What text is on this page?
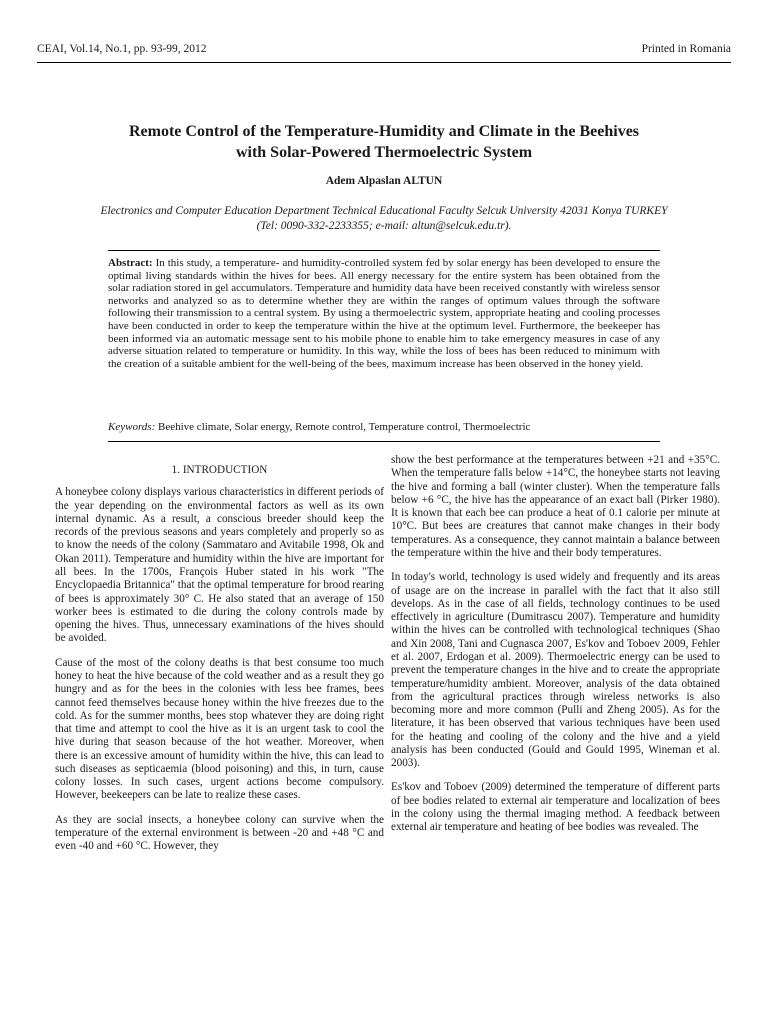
CEAI, Vol.14, No.1, pp. 93-99, 2012	Printed in Romania
Remote Control of the Temperature-Humidity and Climate in the Beehives
with Solar-Powered Thermoelectric System
Adem Alpaslan ALTUN
Electronics and Computer Education Department Technical Educational Faculty Selcuk University 42031 Konya TURKEY
(Tel: 0090-332-2233355; e-mail: altun@selcuk.edu.tr).
Abstract: In this study, a temperature- and humidity-controlled system fed by solar energy has been developed to ensure the optimal living standards within the hives for bees. All energy necessary for the entire system has been obtained from the solar radiation stored in gel accumulators. Temperature and humidity data have been received constantly with wireless sensor networks and analyzed so as to determine whether they are within the ranges of optimum values through the software following their transmission to a central system. By using a thermoelectric system, appropriate heating and cooling processes have been conducted in order to keep the temperature within the hive at the optimum level. Furthermore, the beekeeper has been informed via an automatic message sent to his mobile phone to enable him to take emergency measures in case of any adverse situation related to temperature or humidity. In this way, while the loss of bees has been reduced to minimum with the creation of a suitable ambient for the well-being of the bees, maximum increase has been observed in the honey yield.
Keywords: Beehive climate, Solar energy, Remote control, Temperature control, Thermoelectric
1. INTRODUCTION

A honeybee colony displays various characteristics in different periods of the year depending on the environmental factors as well as its own internal dynamic. As a result, a conscious breeder should keep the records of the previous seasons and years completely and properly so as to know the needs of the colony (Sammataro and Avitabile 1998, Ok and Okan 2011). Temperature and humidity within the hive are important for all bees. In the 1700s, François Huber stated in his work "The Encyclopaedia Britannica" that the optimal temperature for brood rearing of bees is approximately 30° C. He also stated that an average of 150 worker bees is estimated to die during the colony controls made by opening the hives. Thus, unnecessary examinations of the hives should be avoided.

Cause of the most of the colony deaths is that best consume too much honey to heat the hive because of the cold weather and as a result they go hungry and as for the bees in the colonies with less bee frames, bees cannot feed themselves because honey within the hive freezes due to the cold. As for the summer months, bees stop whatever they are doing right that time and attempt to cool the hive as it is an urgent task to cool the hive during that season because of the hot weather. Moreover, when there is an excessive amount of humidity within the hive, this can lead to such diseases as septicaemia (blood poisoning) and this, in turn, cause colony losses. In such cases, urgent actions become compulsory. However, beekeepers can be late to realize these cases.

As they are social insects, a honeybee colony can survive when the temperature of the external environment is between -20 and +48 °C and even -40 and +60 °C. However, they

show the best performance at the temperatures between +21 and +35°C. When the temperature falls below +14°C, the honeybee starts not leaving the hive and forming a ball (winter cluster). When the temperature falls below +6 °C, the hive has the appearance of an exact ball (Pirker 1980). It is known that each bee can produce a heat of 0.1 calorie per minute at 10°C. But bees are creatures that cannot make changes in their body temperatures. As a consequence, they cannot maintain a balance between the temperature within the hive and their body temperatures.

In today's world, technology is used widely and frequently and its areas of usage are on the increase in parallel with the fact that it also still develops. As in the case of all fields, technology continues to be used effectively in agriculture (Dumitrascu 2007). Temperature and humidity within the hives can be controlled with technological techniques (Shao and Xin 2008, Tani and Cugnasca 2007, Es'kov and Toboev 2009, Fehler et al. 2007, Erdogan et al. 2009). Thermoelectric energy can be used to prevent the temperature changes in the hive and to create the appropriate temperature/humidity ambient. Moreover, analysis of the data obtained from the agricultural practices through wireless networks is also becoming more and more common (Pulli and Zheng 2005). As for the literature, it has been observed that various techniques have been used for the heating and cooling of the colony and the hive and a yield analysis has been conducted (Gould and Gould 1995, Wineman et al. 2003).

Es'kov and Toboev (2009) determined the temperature of different parts of bee bodies related to external air temperature and localization of bees in the colony using the thermal imaging method. A feedback between external air temperature and heating of bee bodies was revealed. The
